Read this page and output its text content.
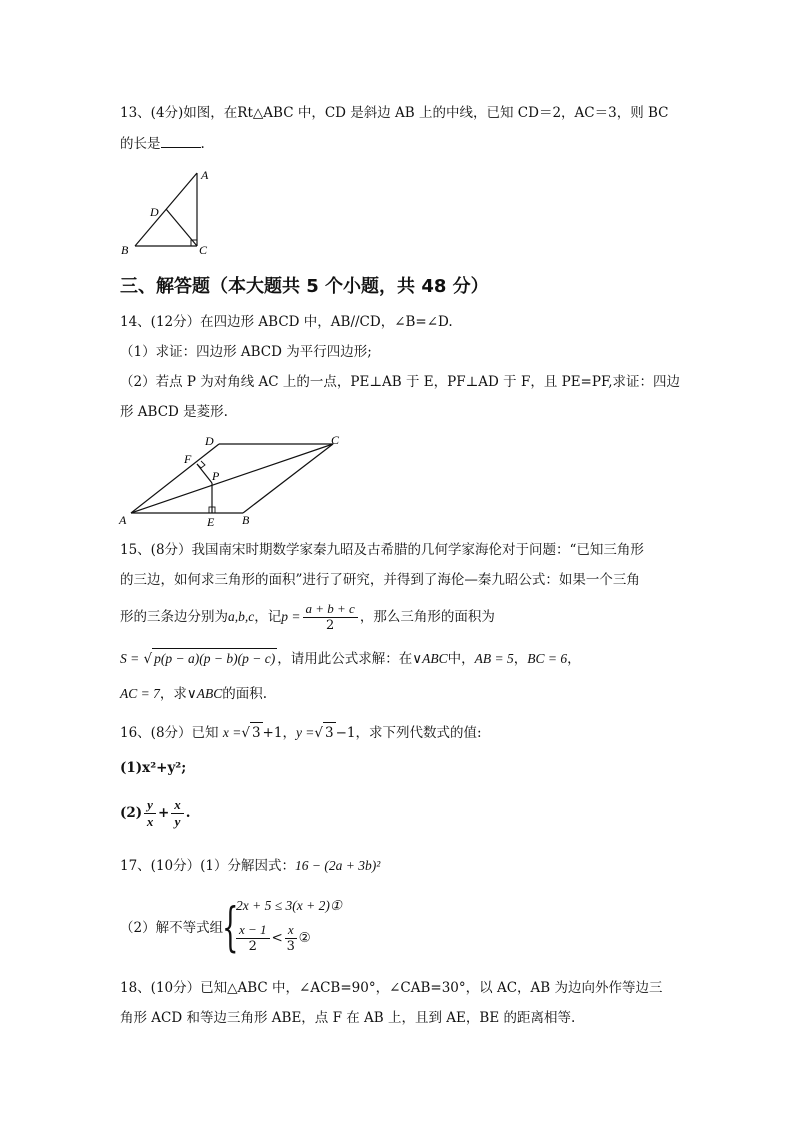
13、(4分)如图，在Rt△ABC 中，CD 是斜边 AB 上的中线，已知 CD＝2，AC＝3，则 BC
的长是	.
A
D
B	C
三、解答题（本大题共 5 个小题，共 48 分）
14、(12分）在四边形 ABCD 中，AB//CD，∠B=∠D.
（1）求证：四边形 ABCD 为平行四边形;
（2）若点 P 为对角线 AC 上的一点，PE⊥AB 于 E，PF⊥AD 于 F，且 PE=PF,求证：四边
形 ABCD 是菱形.
D	C
F
P
A	E B
15、(8分）我国南宋时期数学家秦九昭及古希腊的几何学家海伦对于问题：“已知三角形
的三边，如何求三角形的面积”进行了研究，并得到了海伦—秦九昭公式：如果一个三角
形的三条边分别为a,b,c，记$p = \frac{a + b + c}{2}$ ，那么三角形的面积为
S = √ p(p − a)(p − b)(p − c) ，请用此公式求解：在∨ABC中，AB = 5，BC = 6，
AC = 7，求∨ABC的面积.
16、(8分）已知 x =√ 3 +1，y =√ 3 −1，求下列代数式的值:
(1)x²+y²;
$(2) \frac{y}{x} + \frac{x}{y}$ .
17、(10分）(1）分解因式：16 − (2a + 3b)²
（2）解不等式组
{
2x + 5 ≤ 3(x + 2)①
$\frac{x - 1}{2} < \frac{x}{3}$ ②
18、(10分）已知△ABC 中，∠ACB=90°，∠CAB=30°，以 AC，AB 为边向外作等边三
角形 ACD 和等边三角形 ABE，点 F 在 AB 上，且到 AE，BE 的距离相等.
